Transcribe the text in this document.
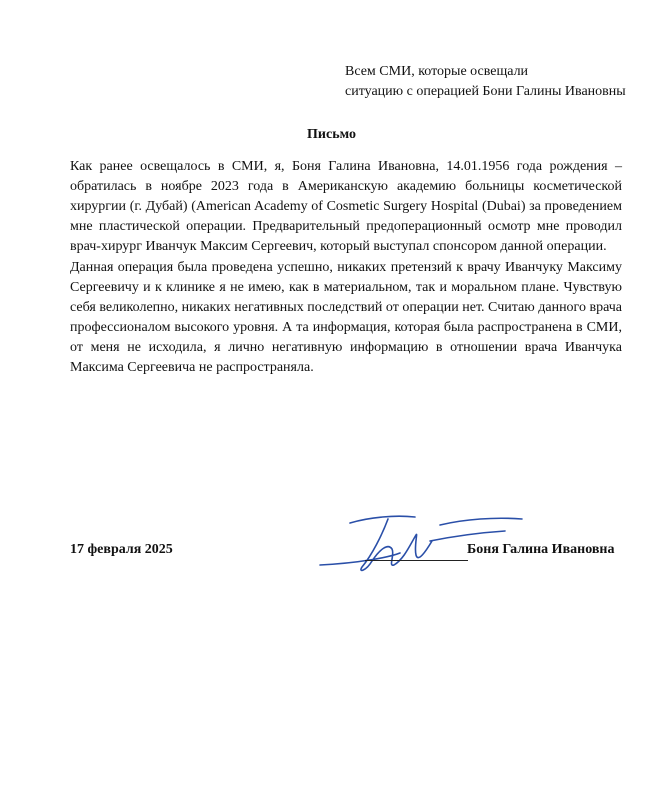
Всем СМИ, которые освещали
ситуацию с операцией Бони Галины Ивановны
Письмо
Как ранее освещалось в СМИ, я, Боня Галина Ивановна, 14.01.1956 года рождения – обратилась в ноябре 2023 года в Американскую академию больницы косметической хирургии (г. Дубай) (American Academy of Cosmetic Surgery Hospital (Dubai) за проведением мне пластической операции. Предварительный предоперационный осмотр мне проводил врач-хирург Иванчук Максим Сергеевич, который выступал спонсором данной операции.
Данная операция была проведена успешно, никаких претензий к врачу Иванчуку Максиму Сергеевичу и к клинике я не имею, как в материальном, так и моральном плане. Чувствую себя великолепно, никаких негативных последствий от операции нет. Считаю данного врача профессионалом высокого уровня. А та информация, которая была распространена в СМИ, от меня не исходила, я лично негативную информацию в отношении врача Иванчука Максима Сергеевича не распространяла.
17 февраля 2025	Боня Галина Ивановна
